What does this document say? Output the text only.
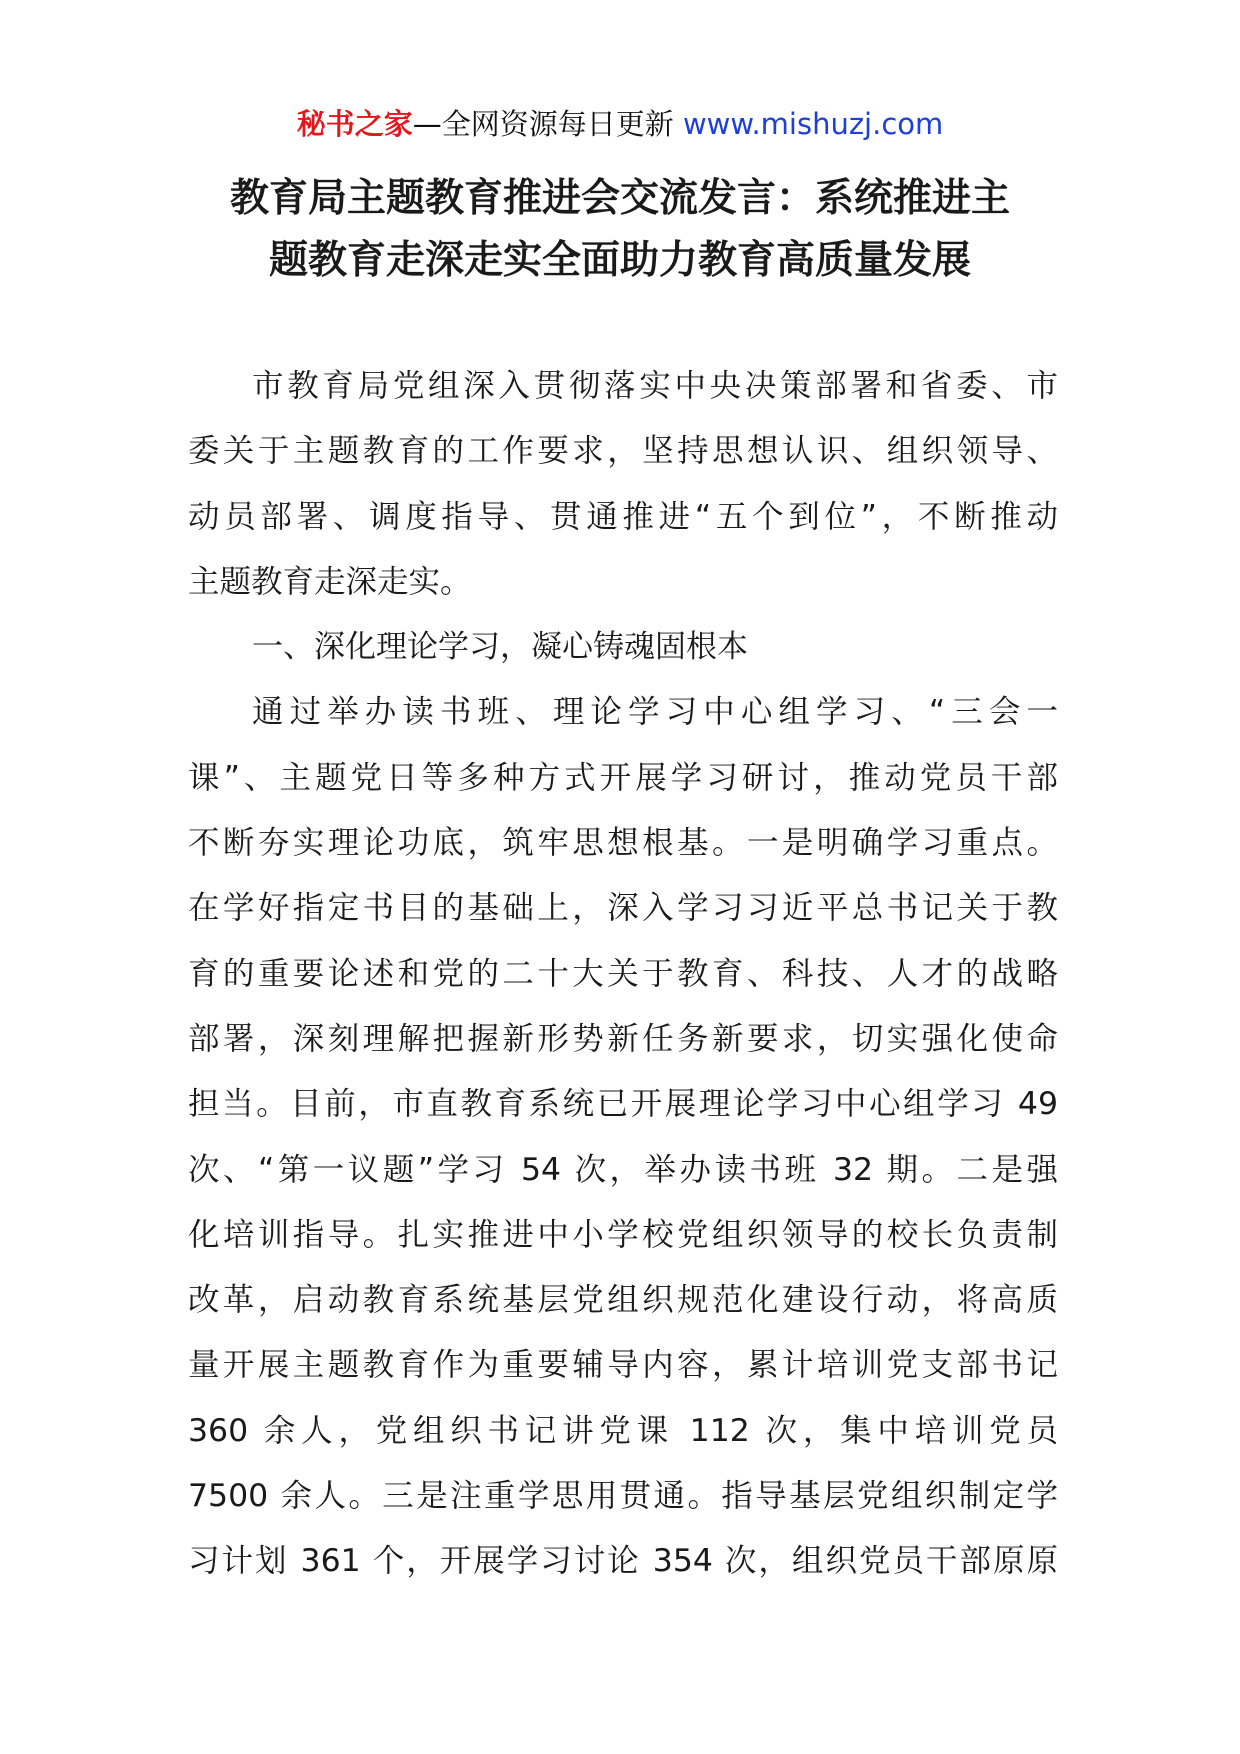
秘书之家—全网资源每日更新 www.mishuzj.com
教育局主题教育推进会交流发言：系统推进主
题教育走深走实全面助力教育高质量发展
市教育局党组深入贯彻落实中央决策部署和省委、市
委关于主题教育的工作要求，坚持思想认识、组织领导、
动员部署、调度指导、贯通推进“五个到位”，不断推动
主题教育走深走实。
一、深化理论学习，凝心铸魂固根本
通过举办读书班、理论学习中心组学习、“三会一
课”、主题党日等多种方式开展学习研讨，推动党员干部
不断夯实理论功底，筑牢思想根基。一是明确学习重点。
在学好指定书目的基础上，深入学习习近平总书记关于教
育的重要论述和党的二十大关于教育、科技、人才的战略
部署，深刻理解把握新形势新任务新要求，切实强化使命
担当。目前，市直教育系统已开展理论学习中心组学习 49
次、“第一议题”学习 54 次，举办读书班 32 期。二是强
化培训指导。扎实推进中小学校党组织领导的校长负责制
改革，启动教育系统基层党组织规范化建设行动，将高质
量开展主题教育作为重要辅导内容，累计培训党支部书记
360 余人，党组织书记讲党课 112 次，集中培训党员
7500 余人。三是注重学思用贯通。指导基层党组织制定学
习计划 361 个，开展学习讨论 354 次，组织党员干部原原
